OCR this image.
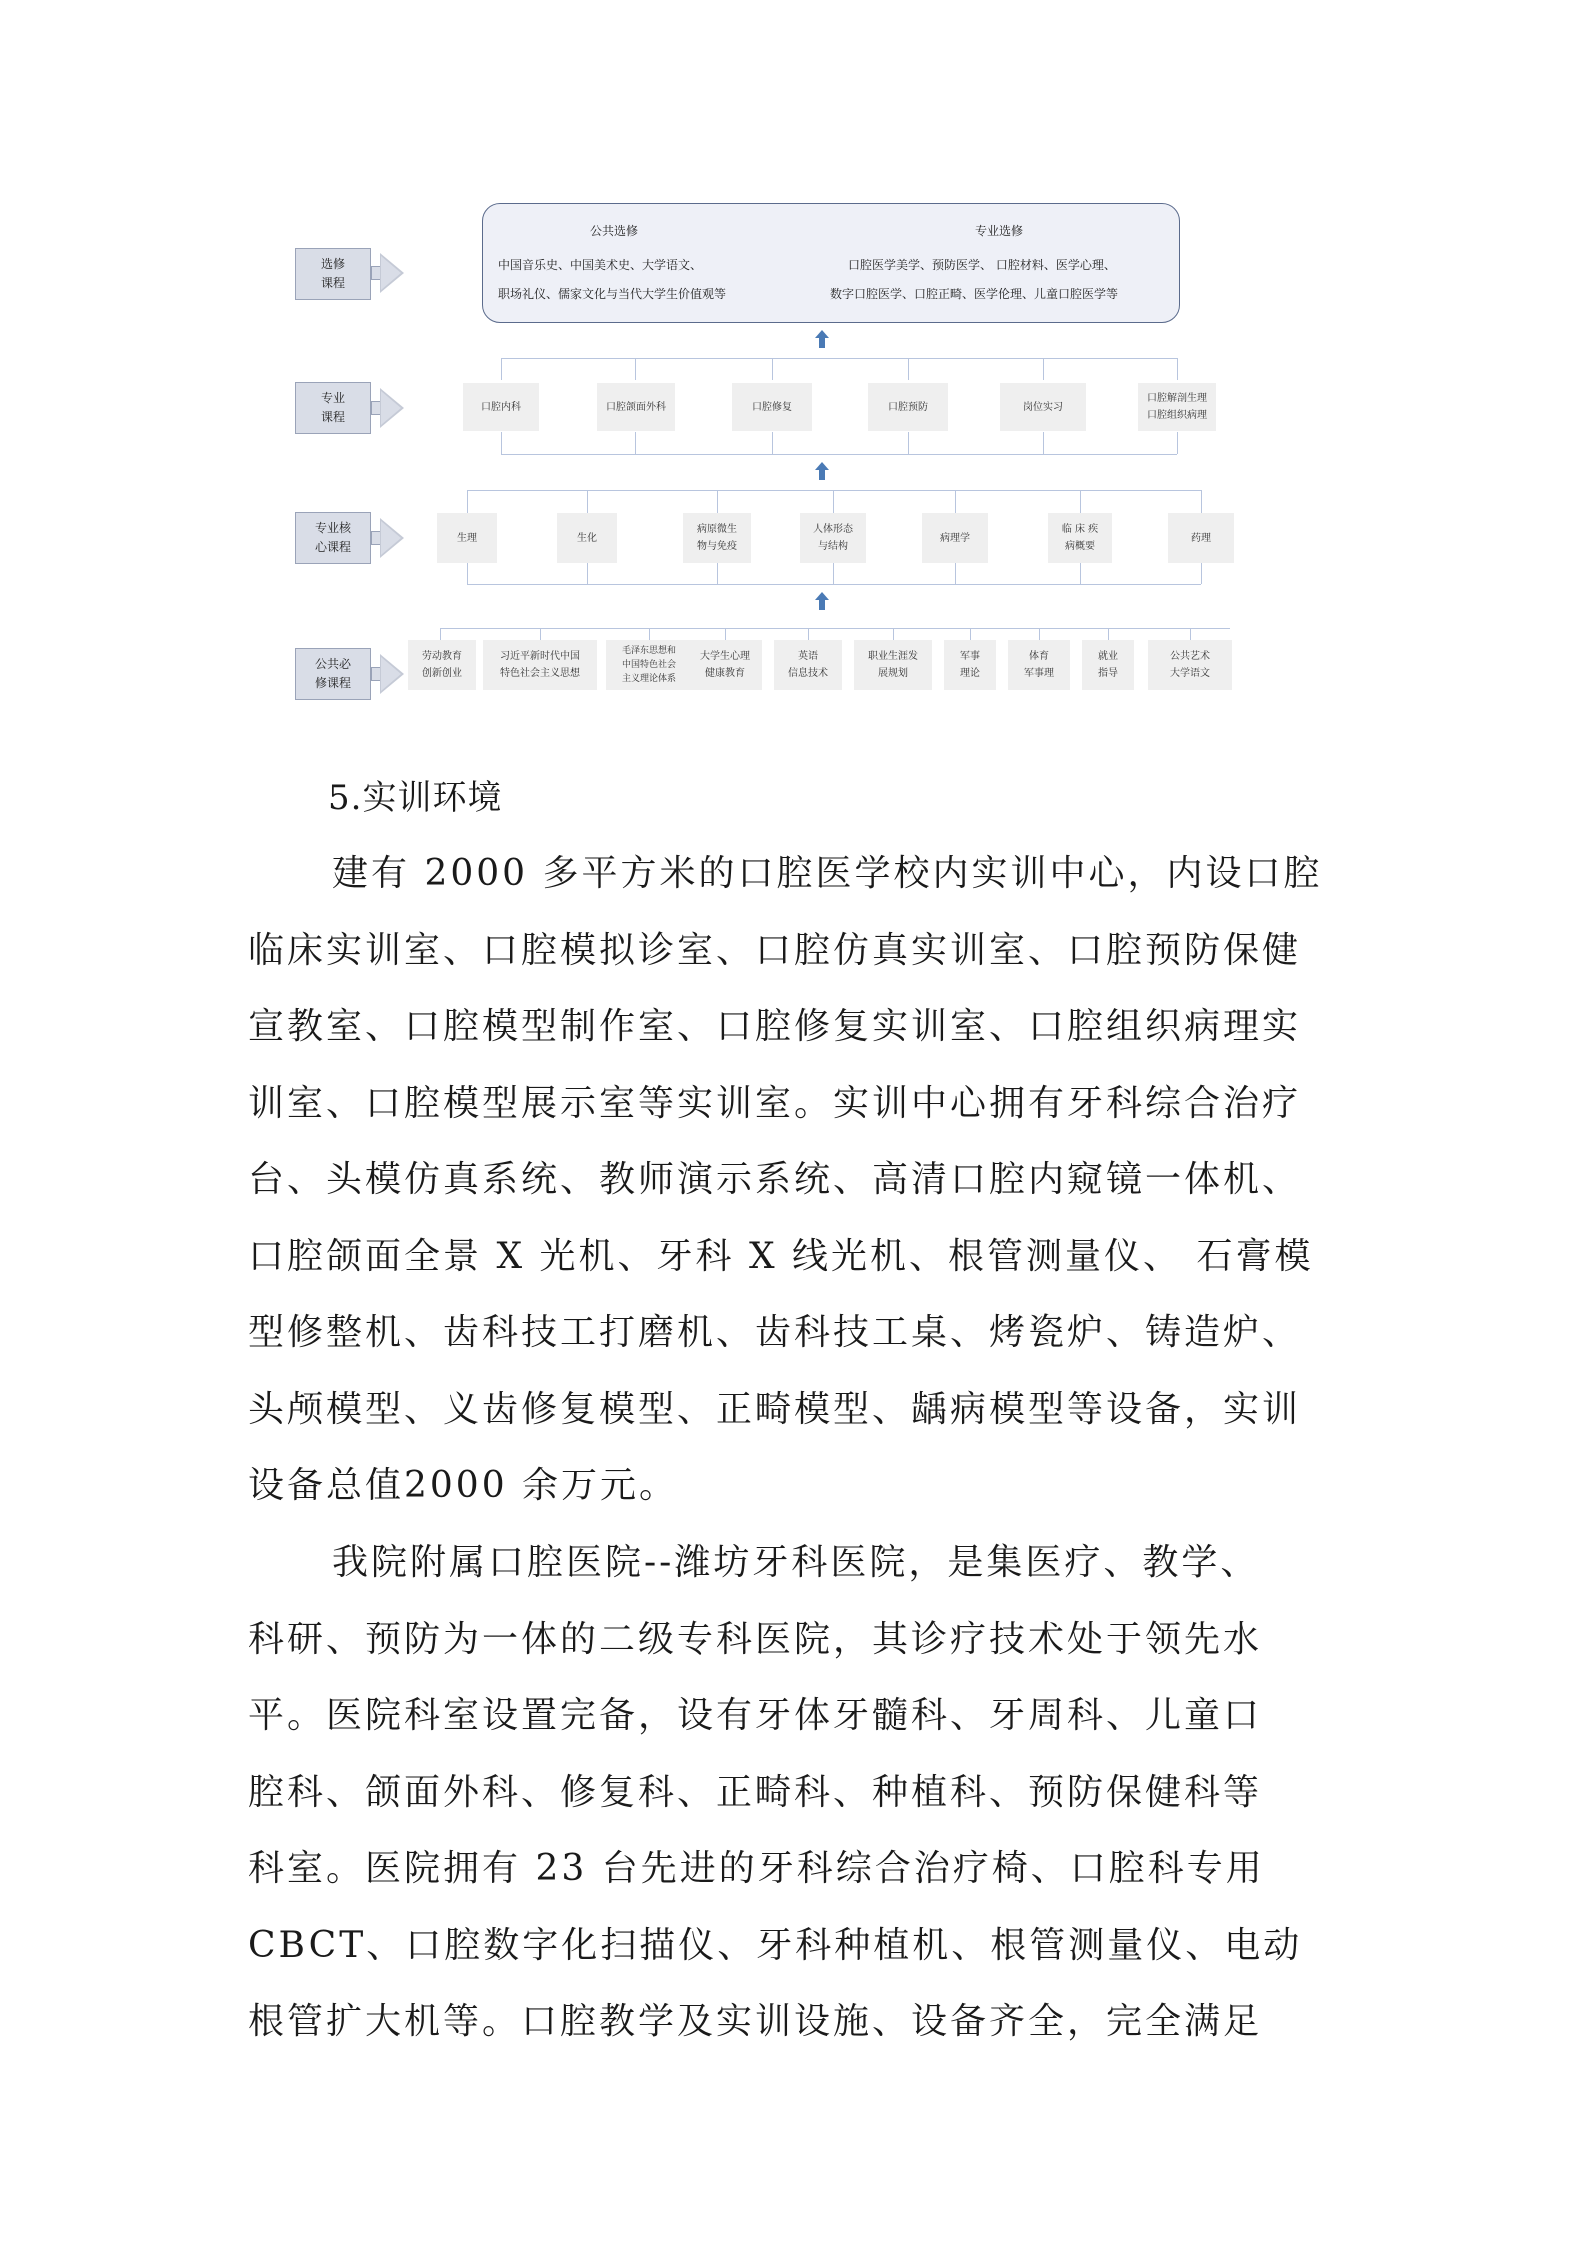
选修
课程
专业
课程
专业核
心课程
公共必
修课程
公共选修
中国音乐史、中国美术史、大学语文、
职场礼仪、儒家文化与当代大学生价值观等
专业选修
口腔医学美学、预防医学、 口腔材料、医学心理、
数字口腔医学、口腔正畸、医学伦理、儿童口腔医学等
口腔内科	口腔颌面外科	口腔修复	口腔预防	岗位实习
口腔解剖生理
口腔组织病理
生理	生化
病原微生
物与免疫
人体形态
与结构
病理学
临 床 疾
病概要
药理
劳动教育
创新创业
习近平新时代中国
特色社会主义思想
毛泽东思想和
中国特色社会
主义理论体系
大学生心理
健康教育
英语
信息技术
职业生涯发
展规划
军事
理论
体育
军事理
就业
指导
公共艺术
大学语文
5.实训环境
建有 2000 多平方米的口腔医学校内实训中心，内设口腔
临床实训室、口腔模拟诊室、口腔仿真实训室、口腔预防保健
宣教室、口腔模型制作室、口腔修复实训室、口腔组织病理实
训室、口腔模型展示室等实训室。实训中心拥有牙科综合治疗
台、头模仿真系统、教师演示系统、高清口腔内窥镜一体机、
口腔颌面全景 X 光机、牙科 X 线光机、根管测量仪、 石膏模
型修整机、齿科技工打磨机、齿科技工桌、烤瓷炉、铸造炉、
头颅模型、义齿修复模型、正畸模型、龋病模型等设备，实训
设备总值2000 余万元。
我院附属口腔医院--潍坊牙科医院，是集医疗、教学、
科研、预防为一体的二级专科医院，其诊疗技术处于领先水
平。医院科室设置完备，设有牙体牙髓科、牙周科、儿童口
腔科、颌面外科、修复科、正畸科、种植科、预防保健科等
科室。医院拥有 23 台先进的牙科综合治疗椅、口腔科专用
CBCT、口腔数字化扫描仪、牙科种植机、根管测量仪、电动
根管扩大机等。口腔教学及实训设施、设备齐全，完全满足
